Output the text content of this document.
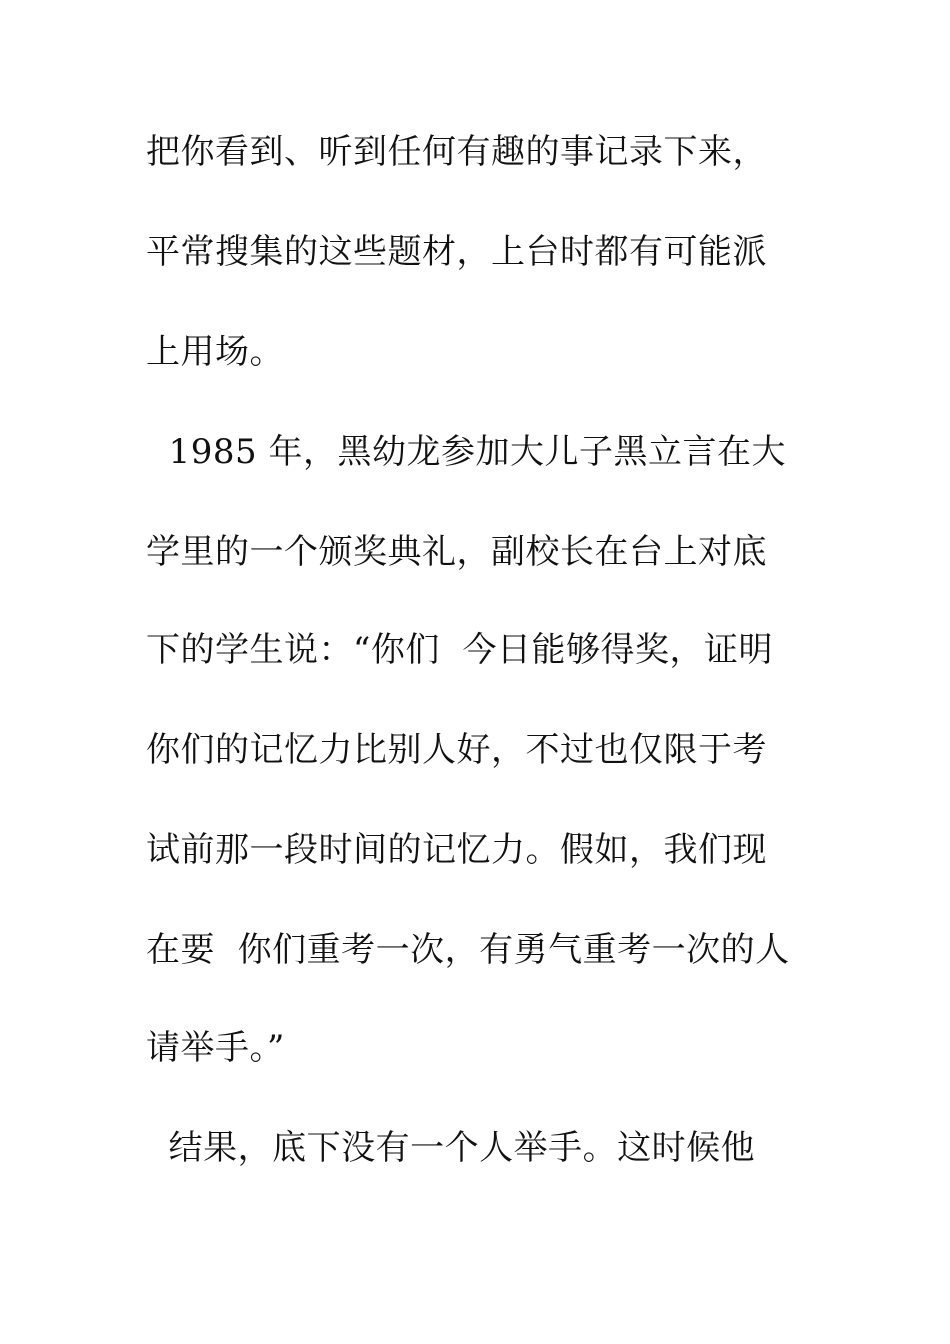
把你看到、听到任何有趣的事记录下来，
平常搜集的这些题材，上台时都有可能派
上用场。
1985 年，黑幼龙参加大儿子黑立言在大
学里的一个颁奖典礼，副校长在台上对底
下的学生说：“你们  今日能够得奖，证明
你们的记忆力比别人好，不过也仅限于考
试前那一段时间的记忆力。假如，我们现
在要  你们重考一次，有勇气重考一次的人
请举手。”
结果，底下没有一个人举手。这时候他
